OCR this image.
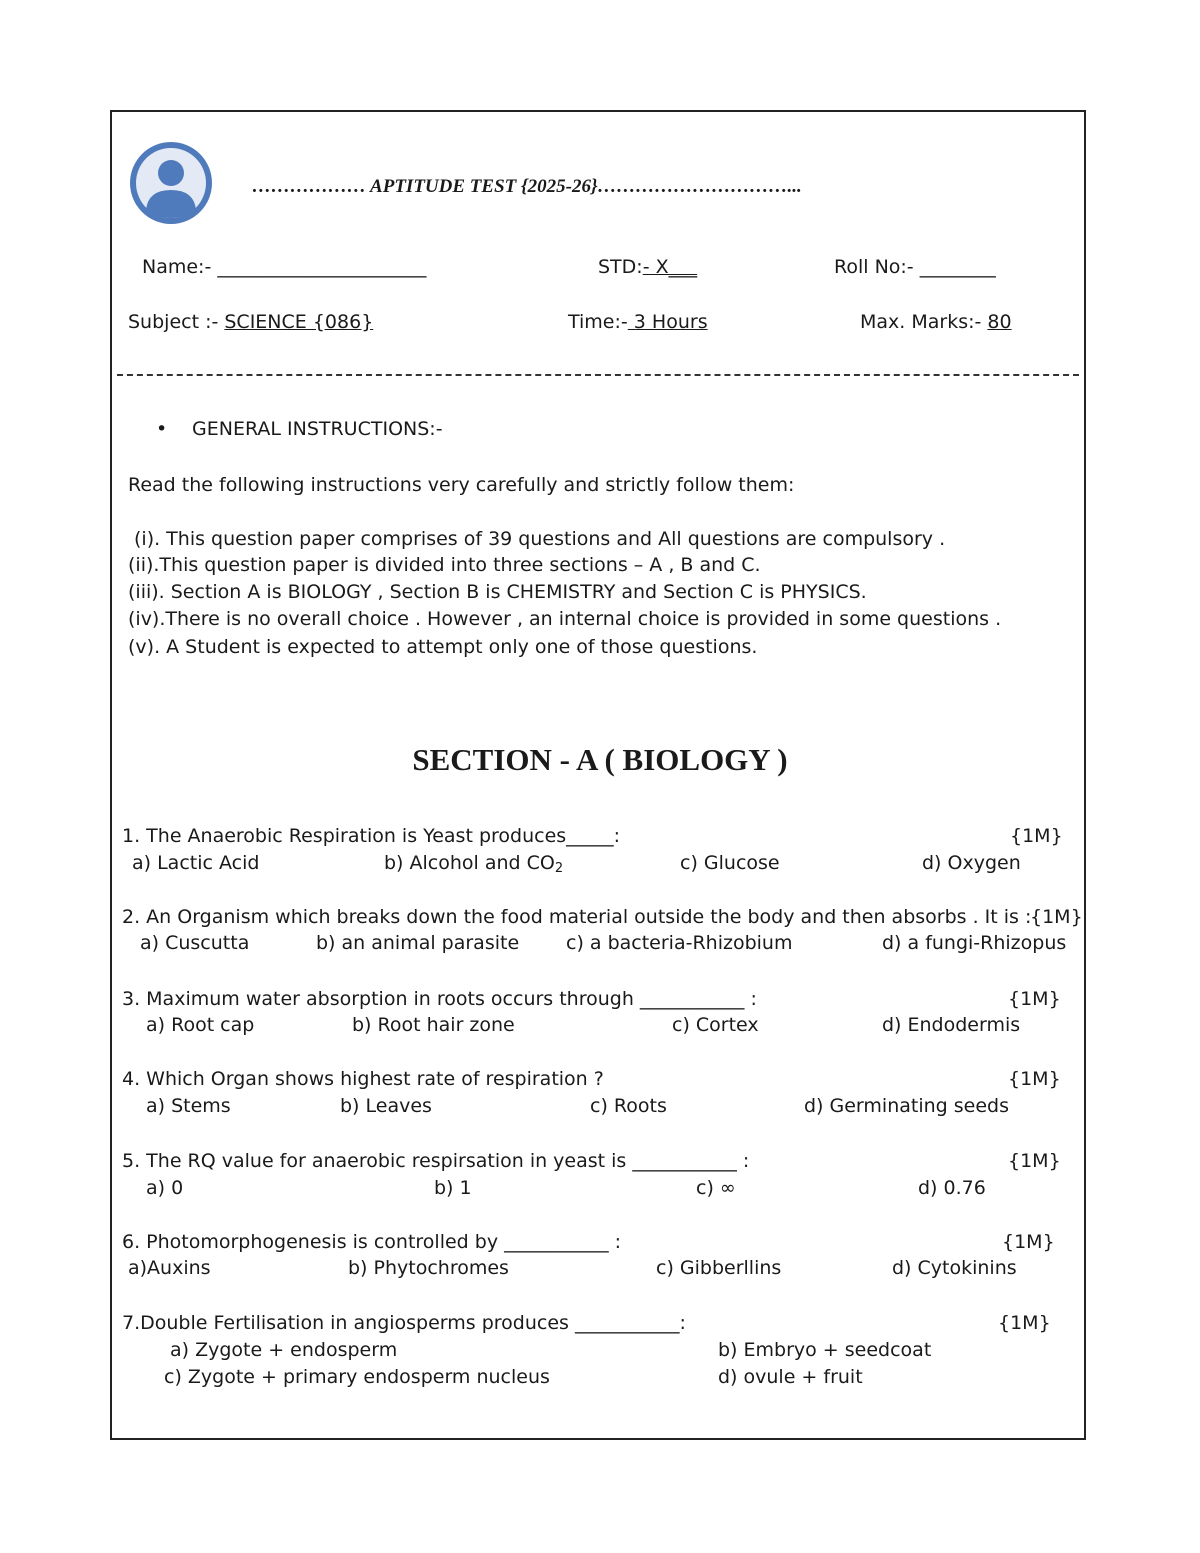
……………… APTITUDE TEST {2025-26}…………………………...
Name:- ______________________	STD:- X___	Roll No:- ________
Subject :- SCIENCE {086}	Time:- 3 Hours	Max. Marks:- 80
• GENERAL INSTRUCTIONS:-
Read the following instructions very carefully and strictly follow them:
(i). This question paper comprises of 39 questions and All questions are compulsory .
(ii).This question paper is divided into three sections – A , B and C.
(iii). Section A is BIOLOGY , Section B is CHEMISTRY and Section C is PHYSICS.
(iv).There is no overall choice . However , an internal choice is provided in some questions .
(v). A Student is expected to attempt only one of those questions.
SECTION - A ( BIOLOGY )
1. The Anaerobic Respiration is Yeast produces_____:	{1M}
a) Lactic Acid	b) Alcohol and $CO_2$	c) Glucose	d) Oxygen
2. An Organism which breaks down the food material outside the body and then absorbs . It is :
{1M}
a) Cuscutta	b) an animal parasite c) a bacteria-Rhizobium	d) a fungi-Rhizopus
3. Maximum water absorption in roots occurs through ___________ :	{1M}
a) Root cap	b) Root hair zone	c) Cortex	d) Endodermis
4. Which Organ shows highest rate of respiration ?	{1M}
a) Stems	b) Leaves	c) Roots	d) Germinating seeds
5. The RQ value for anaerobic respirsation in yeast is ___________ :	{1M}
a) 0	b) 1	c) ∞	d) 0.76
6. Photomorphogenesis is controlled by ___________ :	{1M}
a)Auxins	b) Phytochromes	c) Gibberllins	d) Cytokinins
7.Double Fertilisation in angiosperms produces ___________:	{1M}
a) Zygote + endosperm	b) Embryo + seedcoat
c) Zygote + primary endosperm nucleus	d) ovule + fruit
